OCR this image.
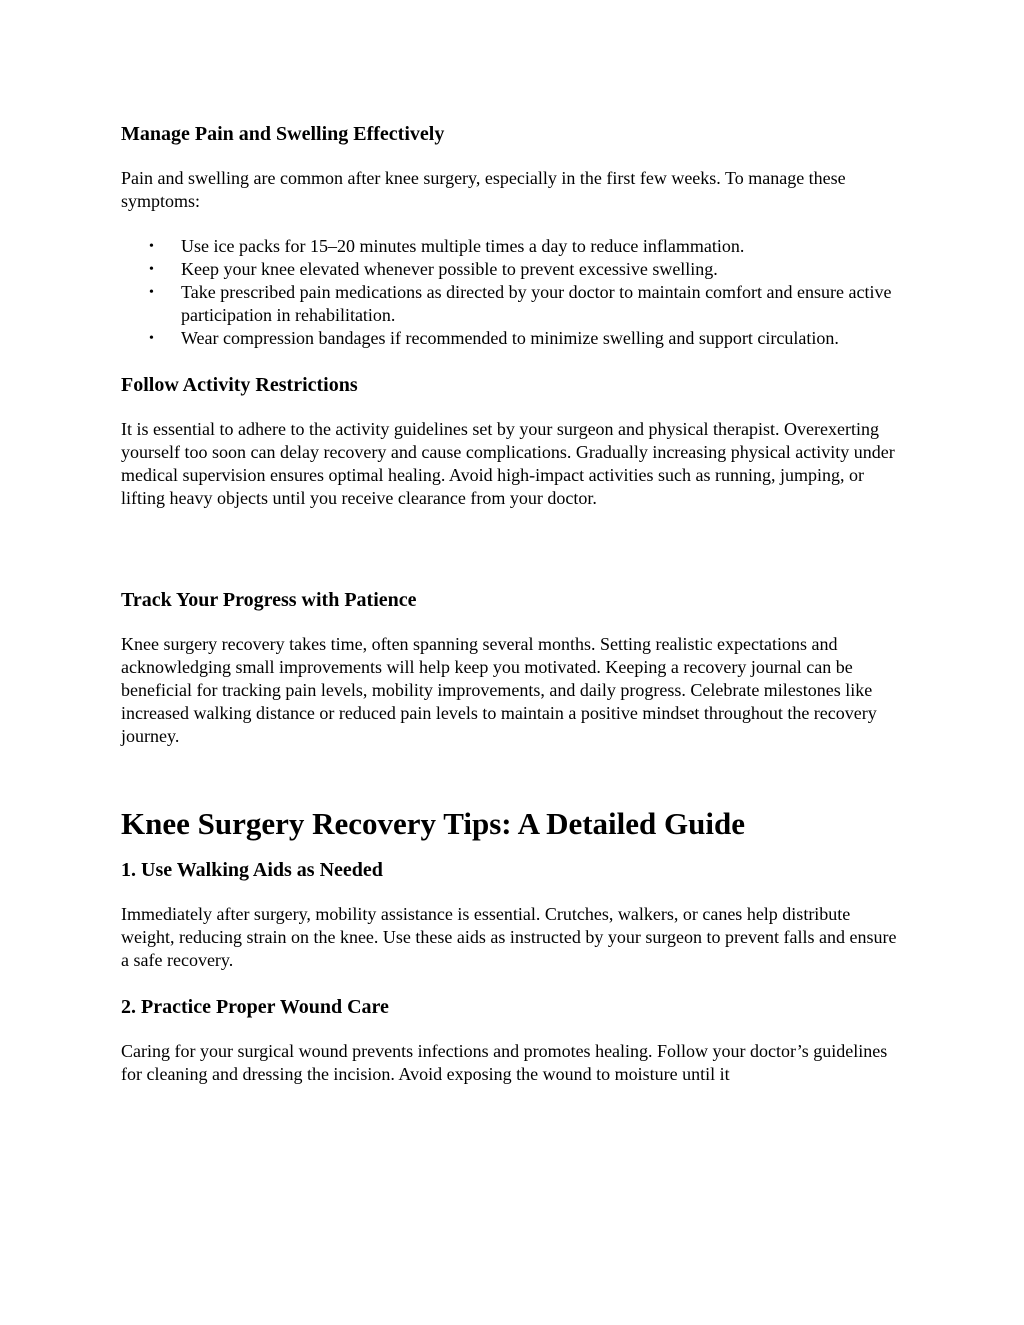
Manage Pain and Swelling Effectively

Pain and swelling are common after knee surgery, especially in the first few weeks. To manage these symptoms:

• Use ice packs for 15–20 minutes multiple times a day to reduce inflammation.
• Keep your knee elevated whenever possible to prevent excessive swelling.
• Take prescribed pain medications as directed by your doctor to maintain comfort and ensure active participation in rehabilitation.
• Wear compression bandages if recommended to minimize swelling and support circulation.
Follow Activity Restrictions

It is essential to adhere to the activity guidelines set by your surgeon and physical therapist. Overexerting yourself too soon can delay recovery and cause complications. Gradually increasing physical activity under medical supervision ensures optimal healing. Avoid high-impact activities such as running, jumping, or lifting heavy objects until you receive clearance from your doctor.

Track Your Progress with Patience

Knee surgery recovery takes time, often spanning several months. Setting realistic expectations and acknowledging small improvements will help keep you motivated. Keeping a recovery journal can be beneficial for tracking pain levels, mobility improvements, and daily progress. Celebrate milestones like increased walking distance or reduced pain levels to maintain a positive mindset throughout the recovery journey.

Knee Surgery Recovery Tips: A Detailed Guide
1. Use Walking Aids as Needed

Immediately after surgery, mobility assistance is essential. Crutches, walkers, or canes help distribute weight, reducing strain on the knee. Use these aids as instructed by your surgeon to prevent falls and ensure a safe recovery.

2. Practice Proper Wound Care

Caring for your surgical wound prevents infections and promotes healing. Follow your doctor’s guidelines for cleaning and dressing the incision. Avoid exposing the wound to moisture until it
